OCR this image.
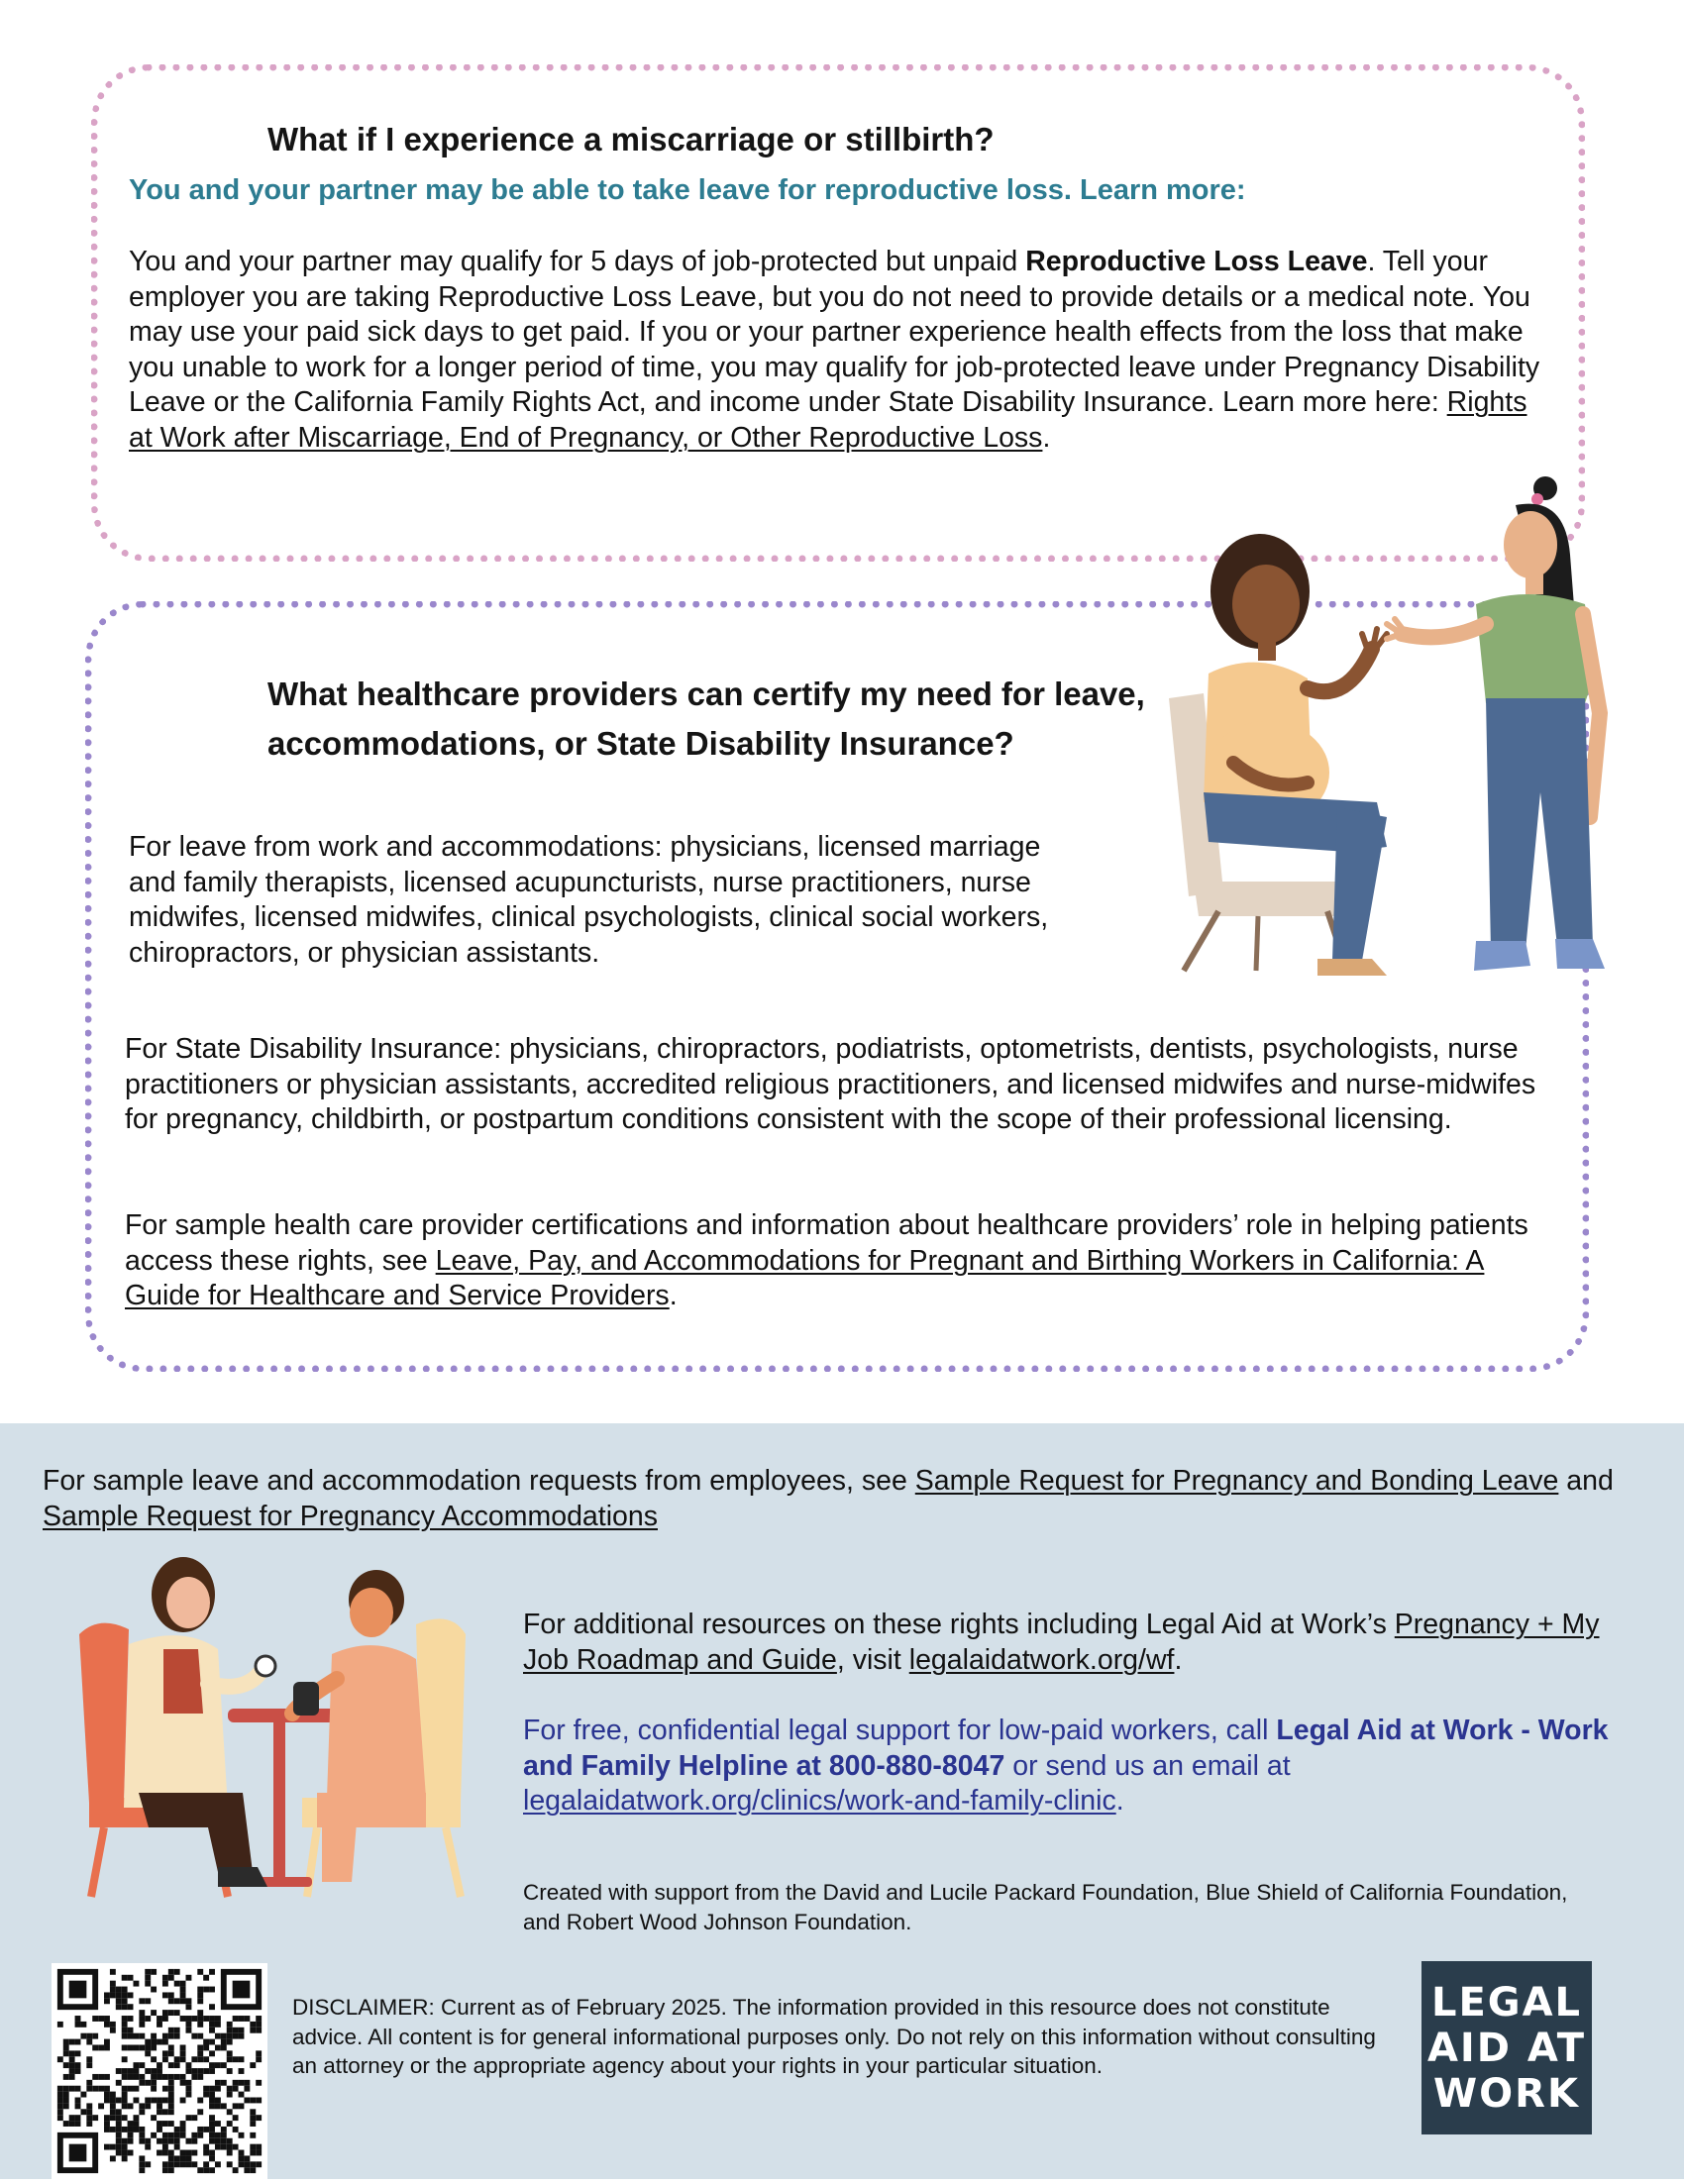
What if I experience a miscarriage or stillbirth?
You and your partner may be able to take leave for reproductive loss. Learn more:
You and your partner may qualify for 5 days of job-protected but unpaid Reproductive Loss Leave. Tell your employer you are taking Reproductive Loss Leave, but you do not need to provide details or a medical note. You may use your paid sick days to get paid. If you or your partner experience health effects from the loss that make you unable to work for a longer period of time, you may qualify for job-protected leave under Pregnancy Disability Leave or the California Family Rights Act, and income under State Disability Insurance. Learn more here: Rights at Work after Miscarriage, End of Pregnancy, or Other Reproductive Loss.
What healthcare providers can certify my need for leave, accommodations, or State Disability Insurance?
For leave from work and accommodations: physicians, licensed marriage and family therapists, licensed acupuncturists, nurse practitioners, nurse midwifes, licensed midwifes, clinical psychologists, clinical social workers, chiropractors, or physician assistants.
For State Disability Insurance: physicians, chiropractors, podiatrists, optometrists, dentists, psychologists, nurse practitioners or physician assistants, accredited religious practitioners, and licensed midwifes and nurse-midwifes for pregnancy, childbirth, or postpartum conditions consistent with the scope of their professional licensing.
For sample health care provider certifications and information about healthcare providers’ role in helping patients access these rights, see Leave, Pay, and Accommodations for Pregnant and Birthing Workers in California: A Guide for Healthcare and Service Providers.
For sample leave and accommodation requests from employees, see Sample Request for Pregnancy and Bonding Leave and Sample Request for Pregnancy Accommodations
For additional resources on these rights including Legal Aid at Work’s Pregnancy + My Job Roadmap and Guide, visit legalaidatwork.org/wf.
For free, confidential legal support for low-paid workers, call Legal Aid at Work - Work and Family Helpline at 800-880-8047 or send us an email at legalaidatwork.org/clinics/work-and-family-clinic.
Created with support from the David and Lucile Packard Foundation, Blue Shield of California Foundation, and Robert Wood Johnson Foundation.
DISCLAIMER: Current as of February 2025. The information provided in this resource does not constitute advice. All content is for general informational purposes only. Do not rely on this information without consulting an attorney or the appropriate agency about your rights in your particular situation.
LEGAL
AID AT
WORK
